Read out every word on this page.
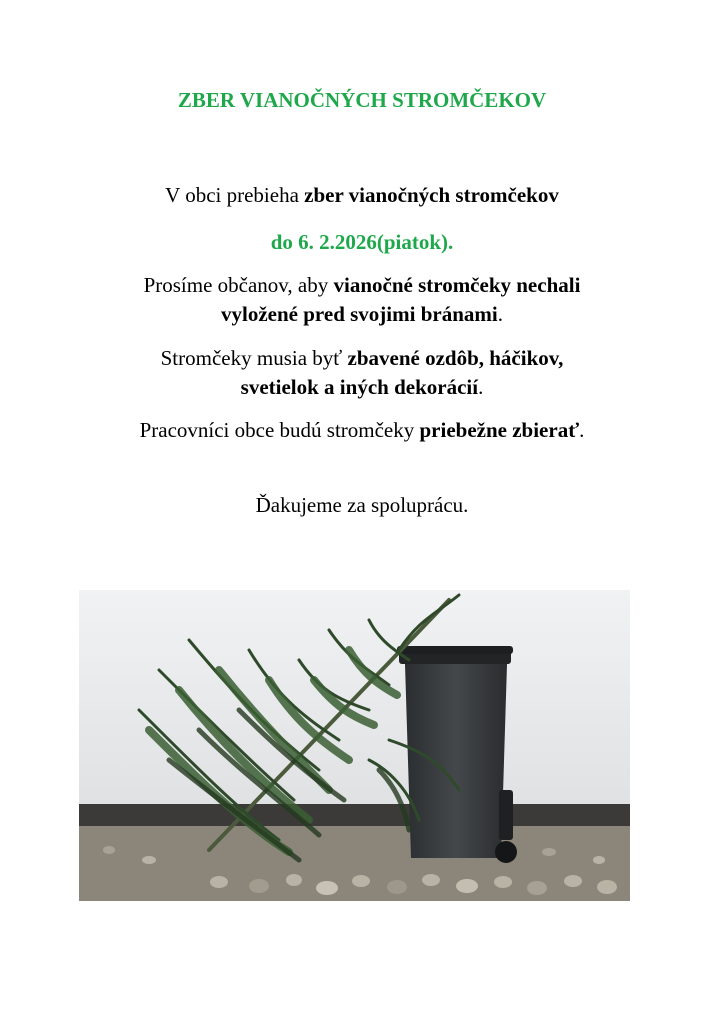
ZBER VIANOČNÝCH STROMČEKOV
V obci prebieha zber vianočných stromčekov
do 6. 2.2026(piatok).
Prosíme občanov, aby vianočné stromčeky nechali
vyložené pred svojimi bránami.
Stromčeky musia byť zbavené ozdôb, háčikov,
svetielok a iných dekorácií.
Pracovníci obce budú stromčeky priebežne zbierať.
Ďakujeme za spoluprácu.
